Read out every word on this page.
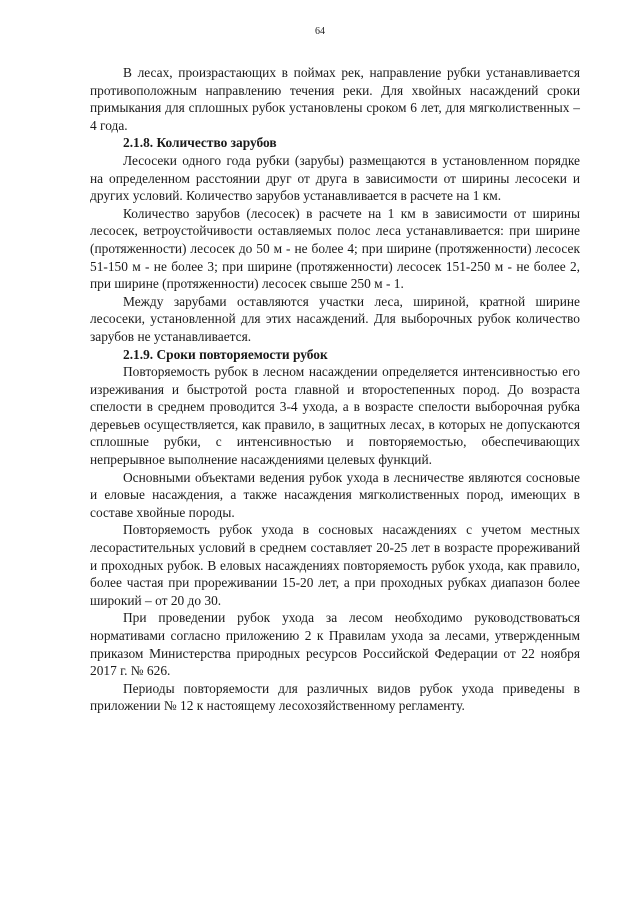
64

В лесах, произрастающих в поймах рек, направление рубки устанавливается противоположным направлению течения реки. Для хвойных насаждений сроки примыкания для сплошных рубок установлены сроком 6 лет, для мягколиственных – 4 года.

2.1.8. Количество зарубов

Лесосеки одного года рубки (зарубы) размещаются в установленном порядке на определенном расстоянии друг от друга в зависимости от ширины лесосеки и других условий. Количество зарубов устанавливается в расчете на 1 км.

Количество зарубов (лесосек) в расчете на 1 км в зависимости от ширины лесосек, ветроустойчивости оставляемых полос леса устанавливается: при ширине (протяженности) лесосек до 50 м - не более 4; при ширине (протяженности) лесосек 51-150 м - не более 3; при ширине (протяженности) лесосек 151-250 м - не более 2, при ширине (протяженности) лесосек свыше 250 м - 1.

Между зарубами оставляются участки леса, шириной, кратной ширине лесосеки, установленной для этих насаждений. Для выборочных рубок количество зарубов не устанавливается.

2.1.9. Сроки повторяемости рубок

Повторяемость рубок в лесном насаждении определяется интенсивностью его изреживания и быстротой роста главной и второстепенных пород. До возраста спелости в среднем проводится 3-4 ухода, а в возрасте спелости выборочная рубка деревьев осуществляется, как правило, в защитных лесах, в которых не допускаются сплошные рубки, с интенсивностью и повторяемостью, обеспечивающих непрерывное выполнение насаждениями целевых функций.

Основными объектами ведения рубок ухода в лесничестве являются сосновые и еловые насаждения, а также насаждения мягколиственных пород, имеющих в составе хвойные породы.

Повторяемость рубок ухода в сосновых насаждениях с учетом местных лесорастительных условий в среднем составляет 20-25 лет в возрасте прореживаний и проходных рубок. В еловых насаждениях повторяемость рубок ухода, как правило, более частая при прореживании 15-20 лет, а при проходных рубках диапазон более широкий – от 20 до 30.

При проведении рубок ухода за лесом необходимо руководствоваться нормативами согласно приложению 2 к Правилам ухода за лесами, утвержденным приказом Министерства природных ресурсов Российской Федерации от 22 ноября 2017 г. № 626.

Периоды повторяемости для различных видов рубок ухода приведены в приложении № 12 к настоящему лесохозяйственному регламенту.
